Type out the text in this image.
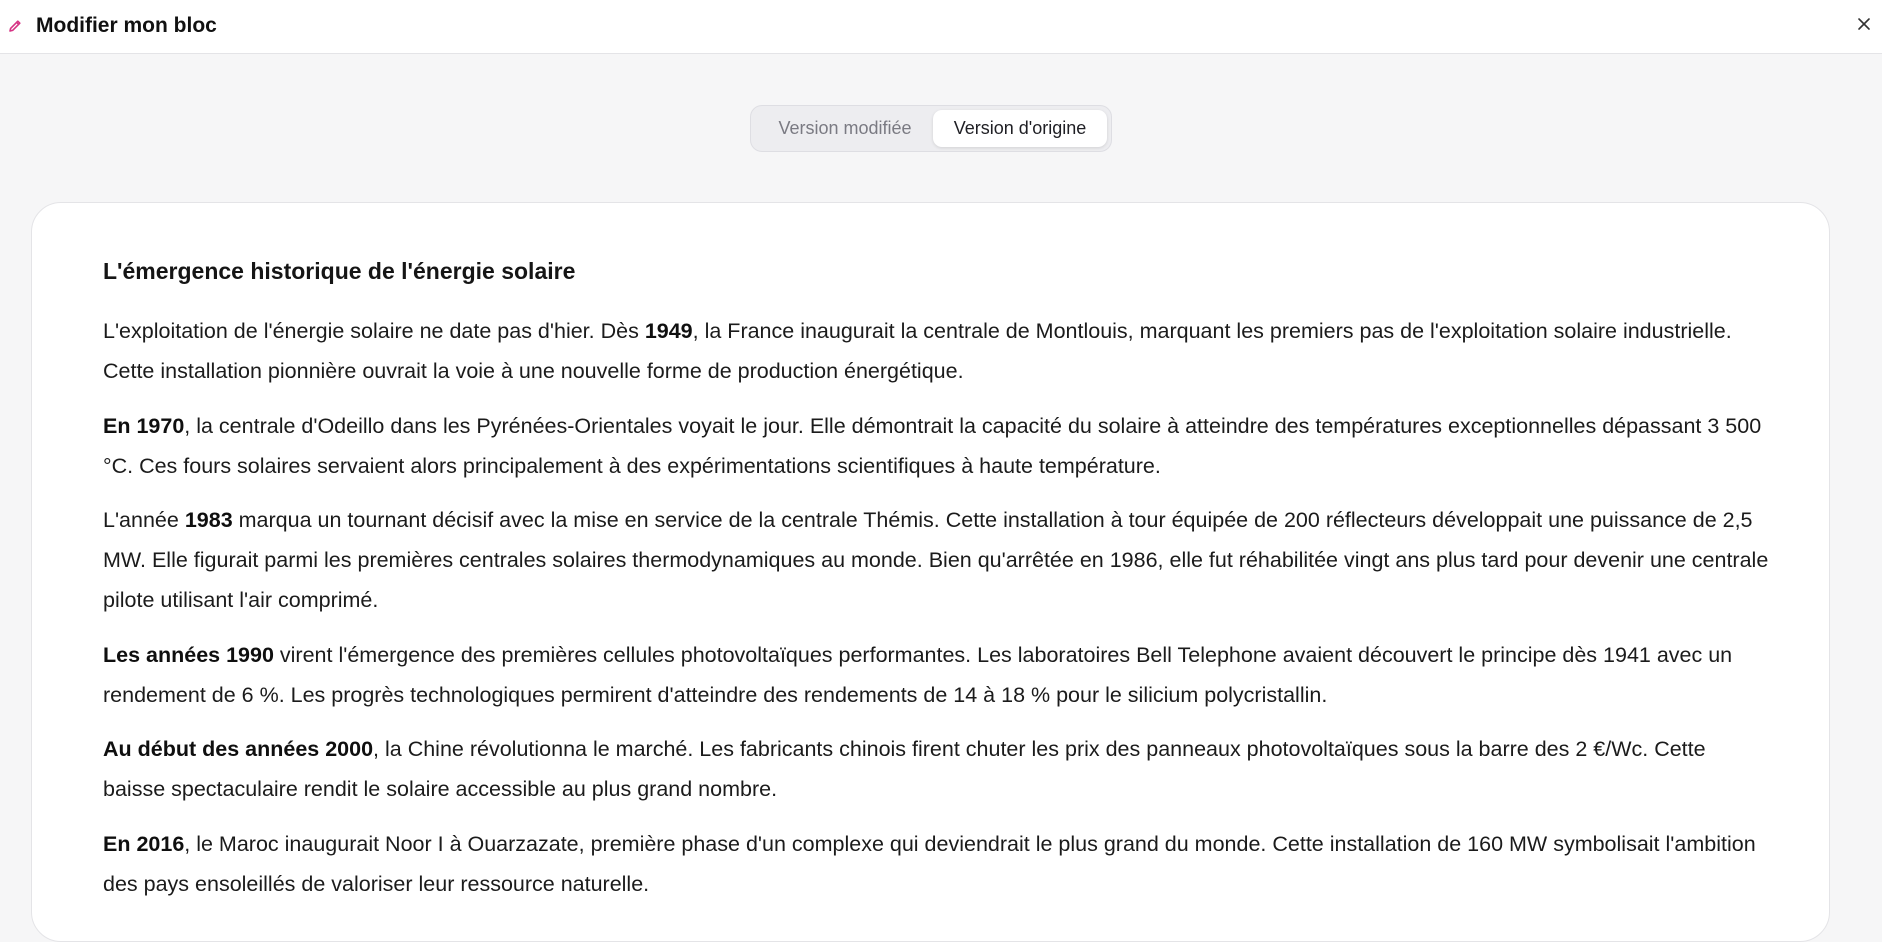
Modifier mon bloc
Version modifiée	Version d'origine
L'émergence historique de l'énergie solaire

L'exploitation de l'énergie solaire ne date pas d'hier. Dès 1949, la France inaugurait la centrale de Montlouis, marquant les premiers pas de l'exploitation solaire industrielle. Cette installation pionnière ouvrait la voie à une nouvelle forme de production énergétique.

En 1970, la centrale d'Odeillo dans les Pyrénées-Orientales voyait le jour. Elle démontrait la capacité du solaire à atteindre des températures exceptionnelles dépassant 3 500 °C. Ces fours solaires servaient alors principalement à des expérimentations scientifiques à haute température.

L'année 1983 marqua un tournant décisif avec la mise en service de la centrale Thémis. Cette installation à tour équipée de 200 réflecteurs développait une puissance de 2,5 MW. Elle figurait parmi les premières centrales solaires thermodynamiques au monde. Bien qu'arrêtée en 1986, elle fut réhabilitée vingt ans plus tard pour devenir une centrale pilote utilisant l'air comprimé.

Les années 1990 virent l'émergence des premières cellules photovoltaïques performantes. Les laboratoires Bell Telephone avaient découvert le principe dès 1941 avec un rendement de 6 %. Les progrès technologiques permirent d'atteindre des rendements de 14 à 18 % pour le silicium polycristallin.

Au début des années 2000, la Chine révolutionna le marché. Les fabricants chinois firent chuter les prix des panneaux photovoltaïques sous la barre des 2 €/Wc. Cette baisse spectaculaire rendit le solaire accessible au plus grand nombre.

En 2016, le Maroc inaugurait Noor I à Ouarzazate, première phase d'un complexe qui deviendrait le plus grand du monde. Cette installation de 160 MW symbolisait l'ambition des pays ensoleillés de valoriser leur ressource naturelle.
